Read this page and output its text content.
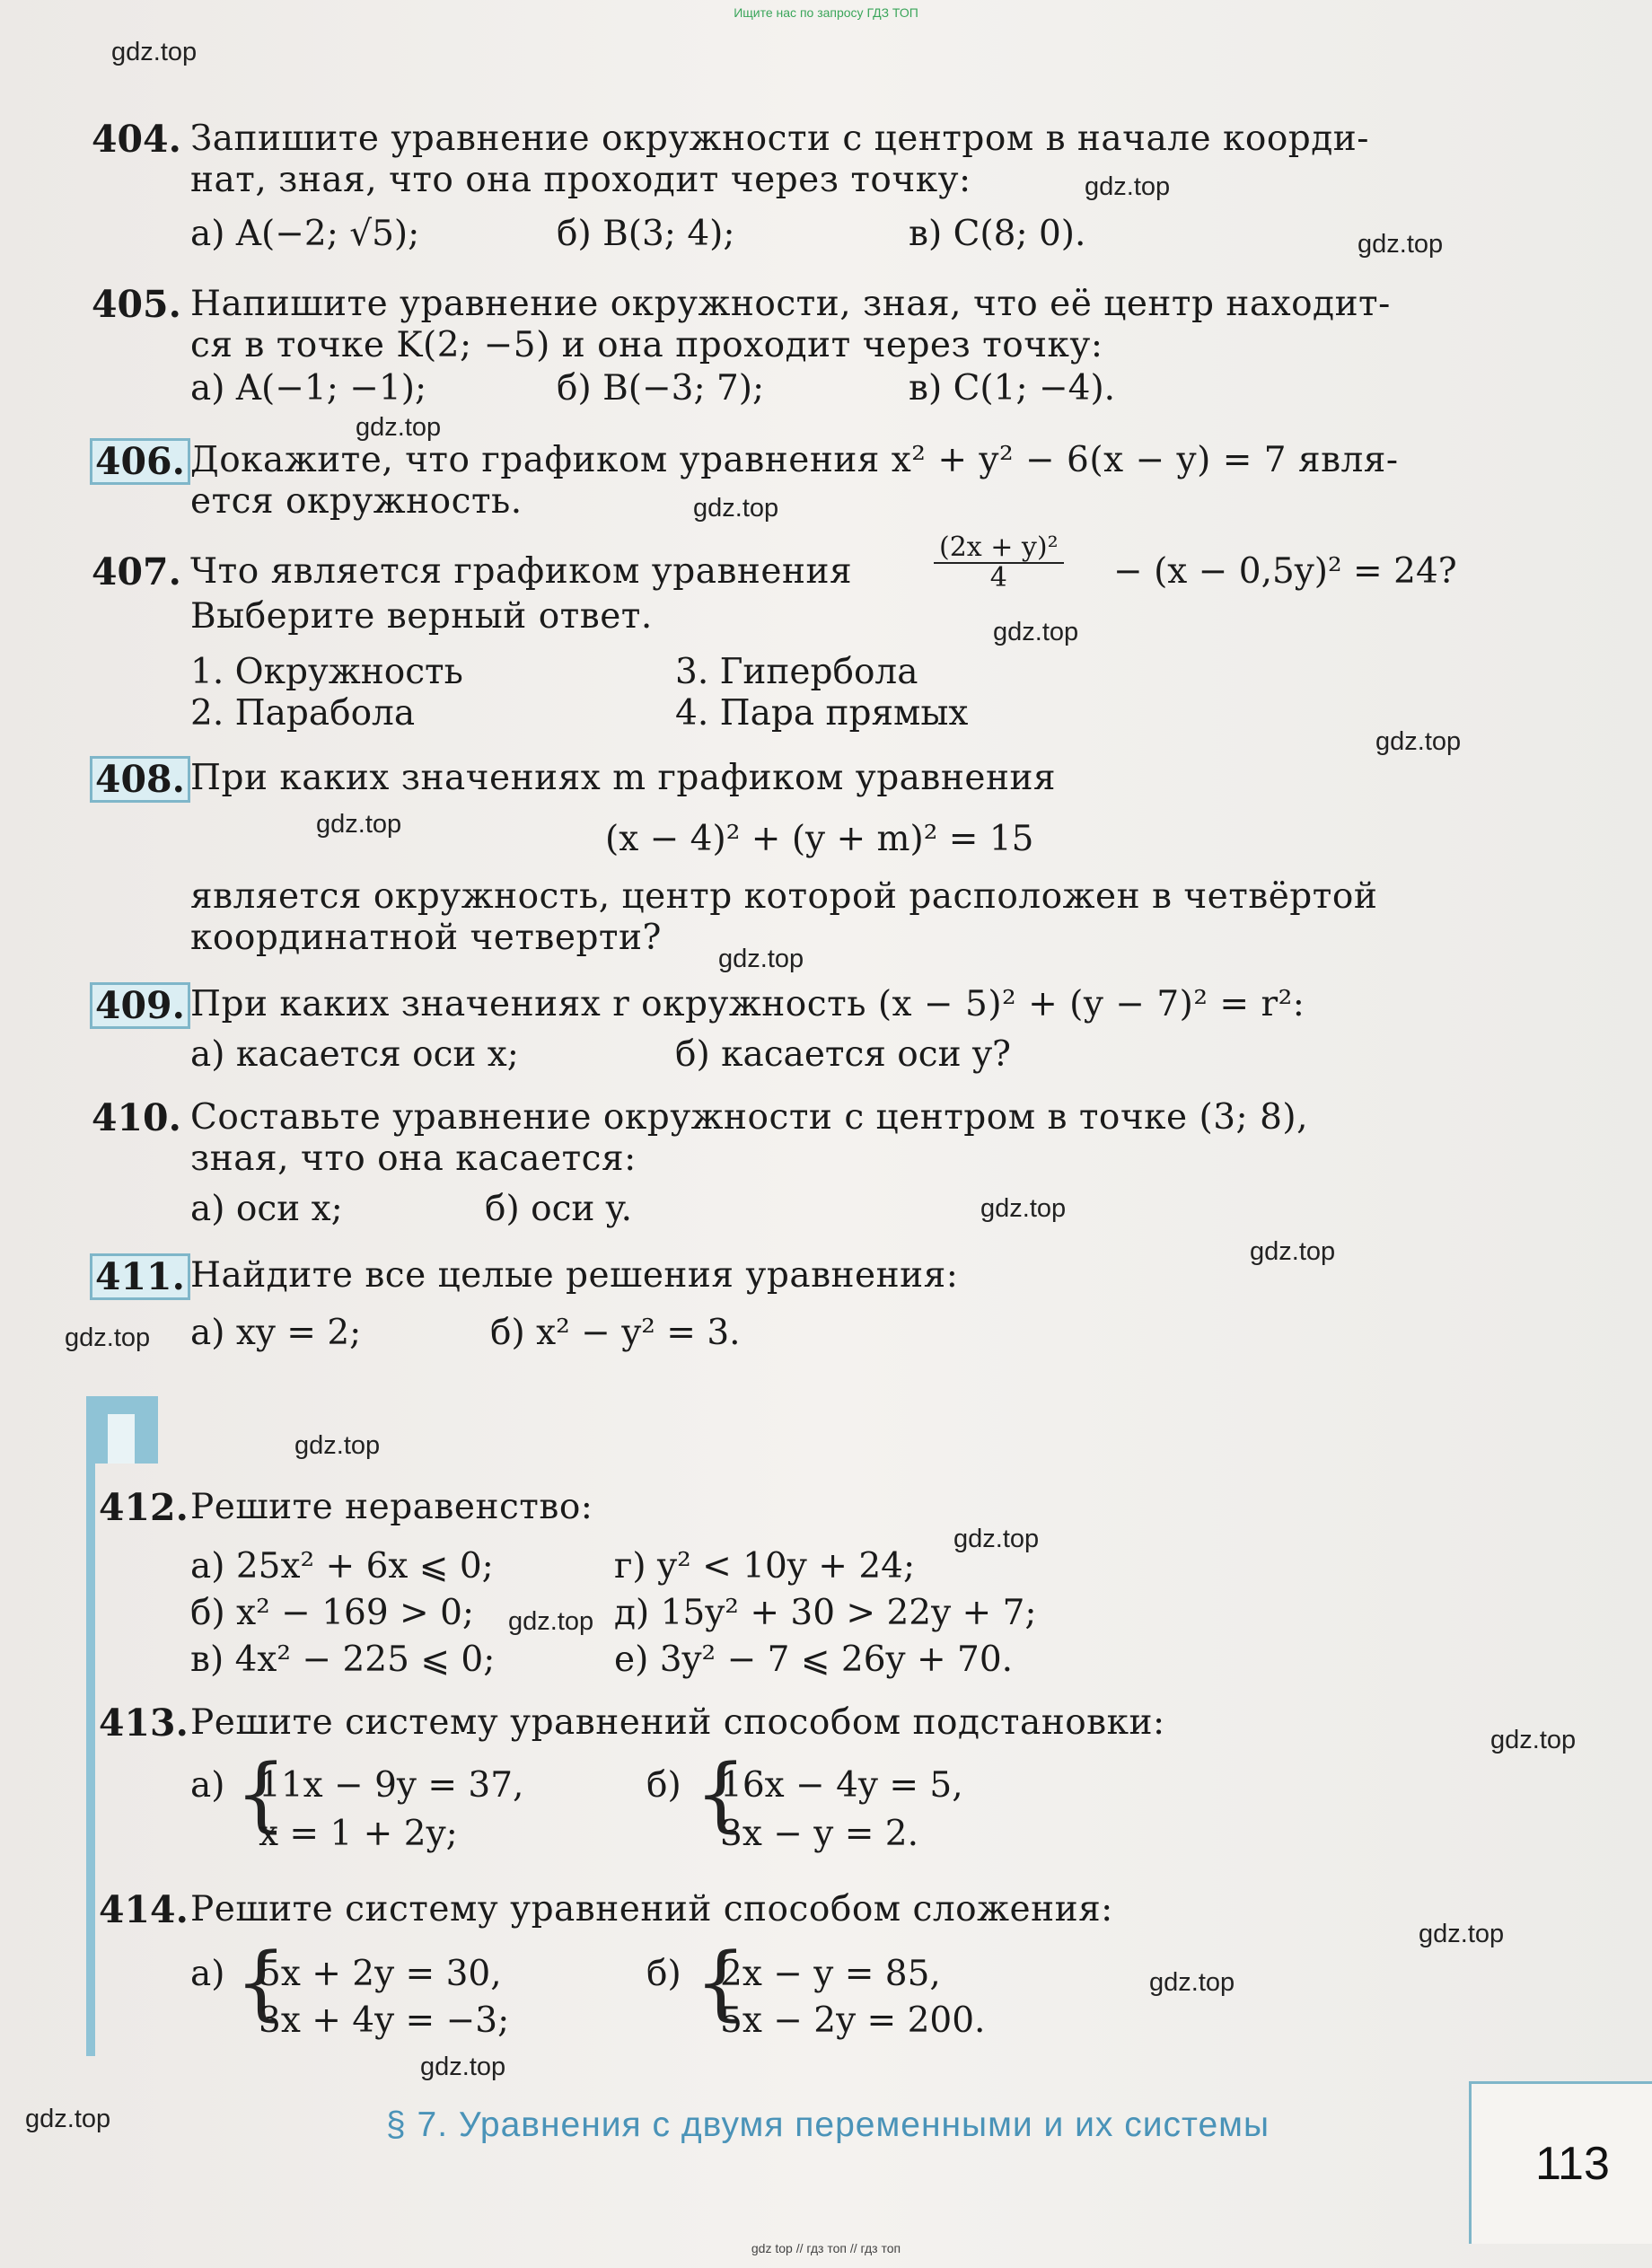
Ищите нас по запросу ГДЗ ТОП
gdz.top
gdz.top
gdz.top
gdz.top
gdz.top
gdz.top
gdz.top
gdz.top
gdz.top
gdz.top
gdz.top
gdz.top
gdz.top
gdz.top
gdz.top
gdz.top
gdz.top
gdz.top
gdz.top
gdz.top
404. Запишите уравнение окружности с центром в начале коорди-
нат, зная, что она проходит через точку:
а) A(−2; √5);	б) B(3; 4);	в) C(8; 0).
405. Напишите уравнение окружности, зная, что её центр находит-
ся в точке K(2; −5) и она проходит через точку:
а) A(−1; −1);	б) B(−3; 7);	в) C(1; −4).
406. Докажите, что графиком уравнения x² + y² − 6(x − y) = 7 явля-
ется окружность.
407. Что является графиком уравнения	$\frac{\text{(2x + y)²}}{4} - (x - 0,5y)^2 = 24$?
Выберите верный ответ.
1. Окружность
2. Парабола
3. Гипербола
4. Пара прямых
408. При каких значениях m графиком уравнения
(x − 4)² + (y + m)² = 15
является окружность, центр которой расположен в четвёртой
координатной четверти?
409. При каких значениях r окружность (x − 5)² + (y − 7)² = r²:
а) касается оси x;	б) касается оси y?
410. Составьте уравнение окружности с центром в точке (3; 8),
зная, что она касается:
а) оси x;	б) оси y.
411. Найдите все целые решения уравнения:
а) xy = 2;	б) x² − y² = 3.
412. Решите неравенство:
а) 25x² + 6x ⩽ 0;
б) x² − 169 > 0;
в) 4x² − 225 ⩽ 0;
г) y² < 10y + 24;
д) 15y² + 30 > 22y + 7;
е) 3y² − 7 ⩽ 26y + 70.
413. Решите систему уравнений способом подстановки:
а) {
11x − 9y = 37,
x = 1 + 2y;
б) {
16x − 4y = 5,
3x − y = 2.
414. Решите систему уравнений способом сложения:
а) {
5x + 2y = 30,
3x + 4y = −3;
б) {
2x − y = 85,
5x − 2y = 200.
§ 7. Уравнения с двумя переменными и их системы
113
gdz top // гдз топ // гдз топ
